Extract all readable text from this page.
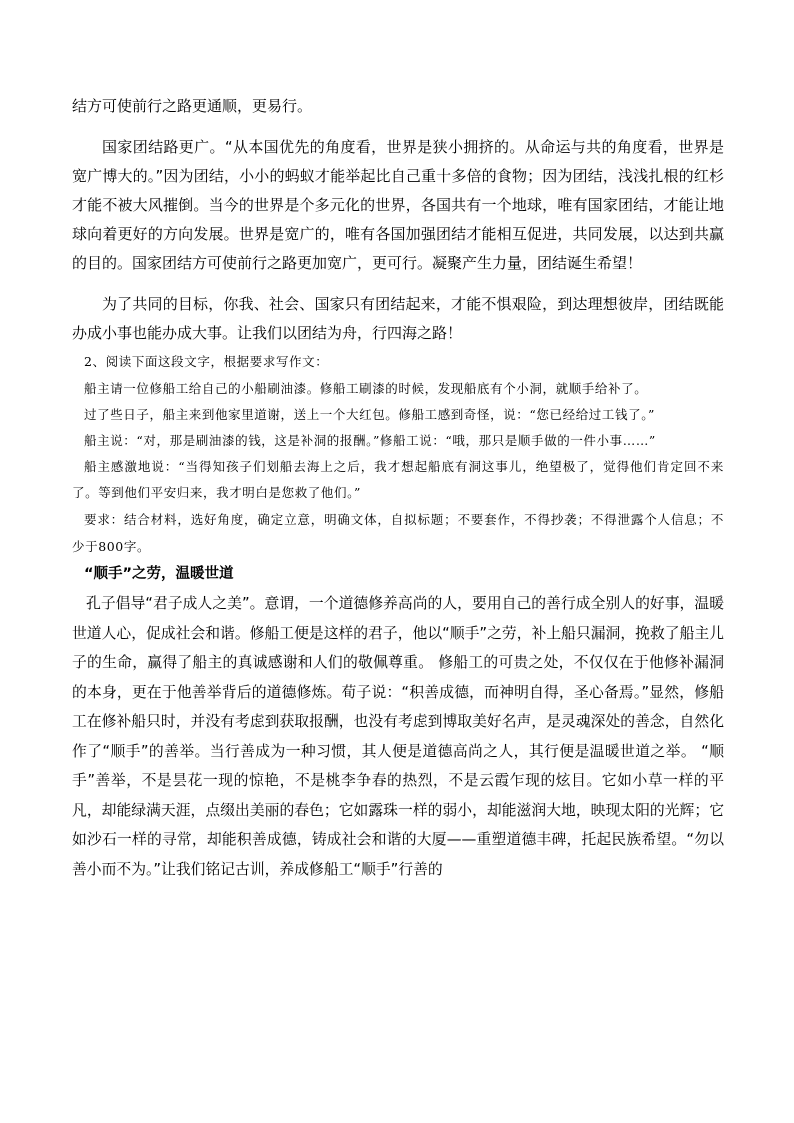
结方可使前行之路更通顺，更易行。

国家团结路更广。“从本国优先的角度看，世界是狭小拥挤的。从命运与共的角度看，世界是宽广博大的。”因为团结，小小的蚂蚁才能举起比自己重十多倍的食物；因为团结，浅浅扎根的红杉才能不被大风摧倒。当今的世界是个多元化的世界，各国共有一个地球，唯有国家团结，才能让地球向着更好的方向发展。世界是宽广的，唯有各国加强团结才能相互促进，共同发展，以达到共赢的目的。国家团结方可使前行之路更加宽广，更可行。凝聚产生力量，团结诞生希望！

为了共同的目标，你我、社会、国家只有团结起来，才能不惧艰险，到达理想彼岸，团结既能办成小事也能办成大事。让我们以团结为舟，行四海之路！

2、阅读下面这段文字，根据要求写作文：

船主请一位修船工给自己的小船刷油漆。修船工刷漆的时候，发现船底有个小洞，就顺手给补了。

过了些日子，船主来到他家里道谢，送上一个大红包。修船工感到奇怪，说：“您已经给过工钱了。”

船主说：“对，那是刷油漆的钱，这是补洞的报酬。”修船工说：“哦，那只是顺手做的一件小事……”

船主感激地说：“当得知孩子们划船去海上之后，我才想起船底有洞这事儿，绝望极了，觉得他们肯定回不来了。等到他们平安归来，我才明白是您救了他们。”

要求：结合材料，选好角度，确定立意，明确文体，自拟标题；不要套作，不得抄袭；不得泄露个人信息；不少于800字。

“顺手”之劳，温暖世道

孔子倡导“君子成人之美”。意谓，一个道德修养高尚的人，要用自己的善行成全别人的好事，温暖世道人心，促成社会和谐。修船工便是这样的君子，他以“顺手”之劳，补上船只漏洞，挽救了船主儿子的生命，赢得了船主的真诚感谢和人们的敬佩尊重。 修船工的可贵之处，不仅仅在于他修补漏洞的本身，更在于他善举背后的道德修炼。荀子说：“积善成德，而神明自得，圣心备焉。”显然，修船工在修补船只时，并没有考虑到获取报酬，也没有考虑到博取美好名声，是灵魂深处的善念，自然化作了“顺手”的善举。当行善成为一种习惯，其人便是道德高尚之人，其行便是温暖世道之举。 “顺手”善举，不是昙花一现的惊艳，不是桃李争春的热烈，不是云霞乍现的炫目。它如小草一样的平凡，却能绿满天涯，点缀出美丽的春色；它如露珠一样的弱小，却能滋润大地，映现太阳的光辉；它如沙石一样的寻常，却能积善成德，铸成社会和谐的大厦——重塑道德丰碑，托起民族希望。“勿以善小而不为。”让我们铭记古训，养成修船工“顺手”行善的
